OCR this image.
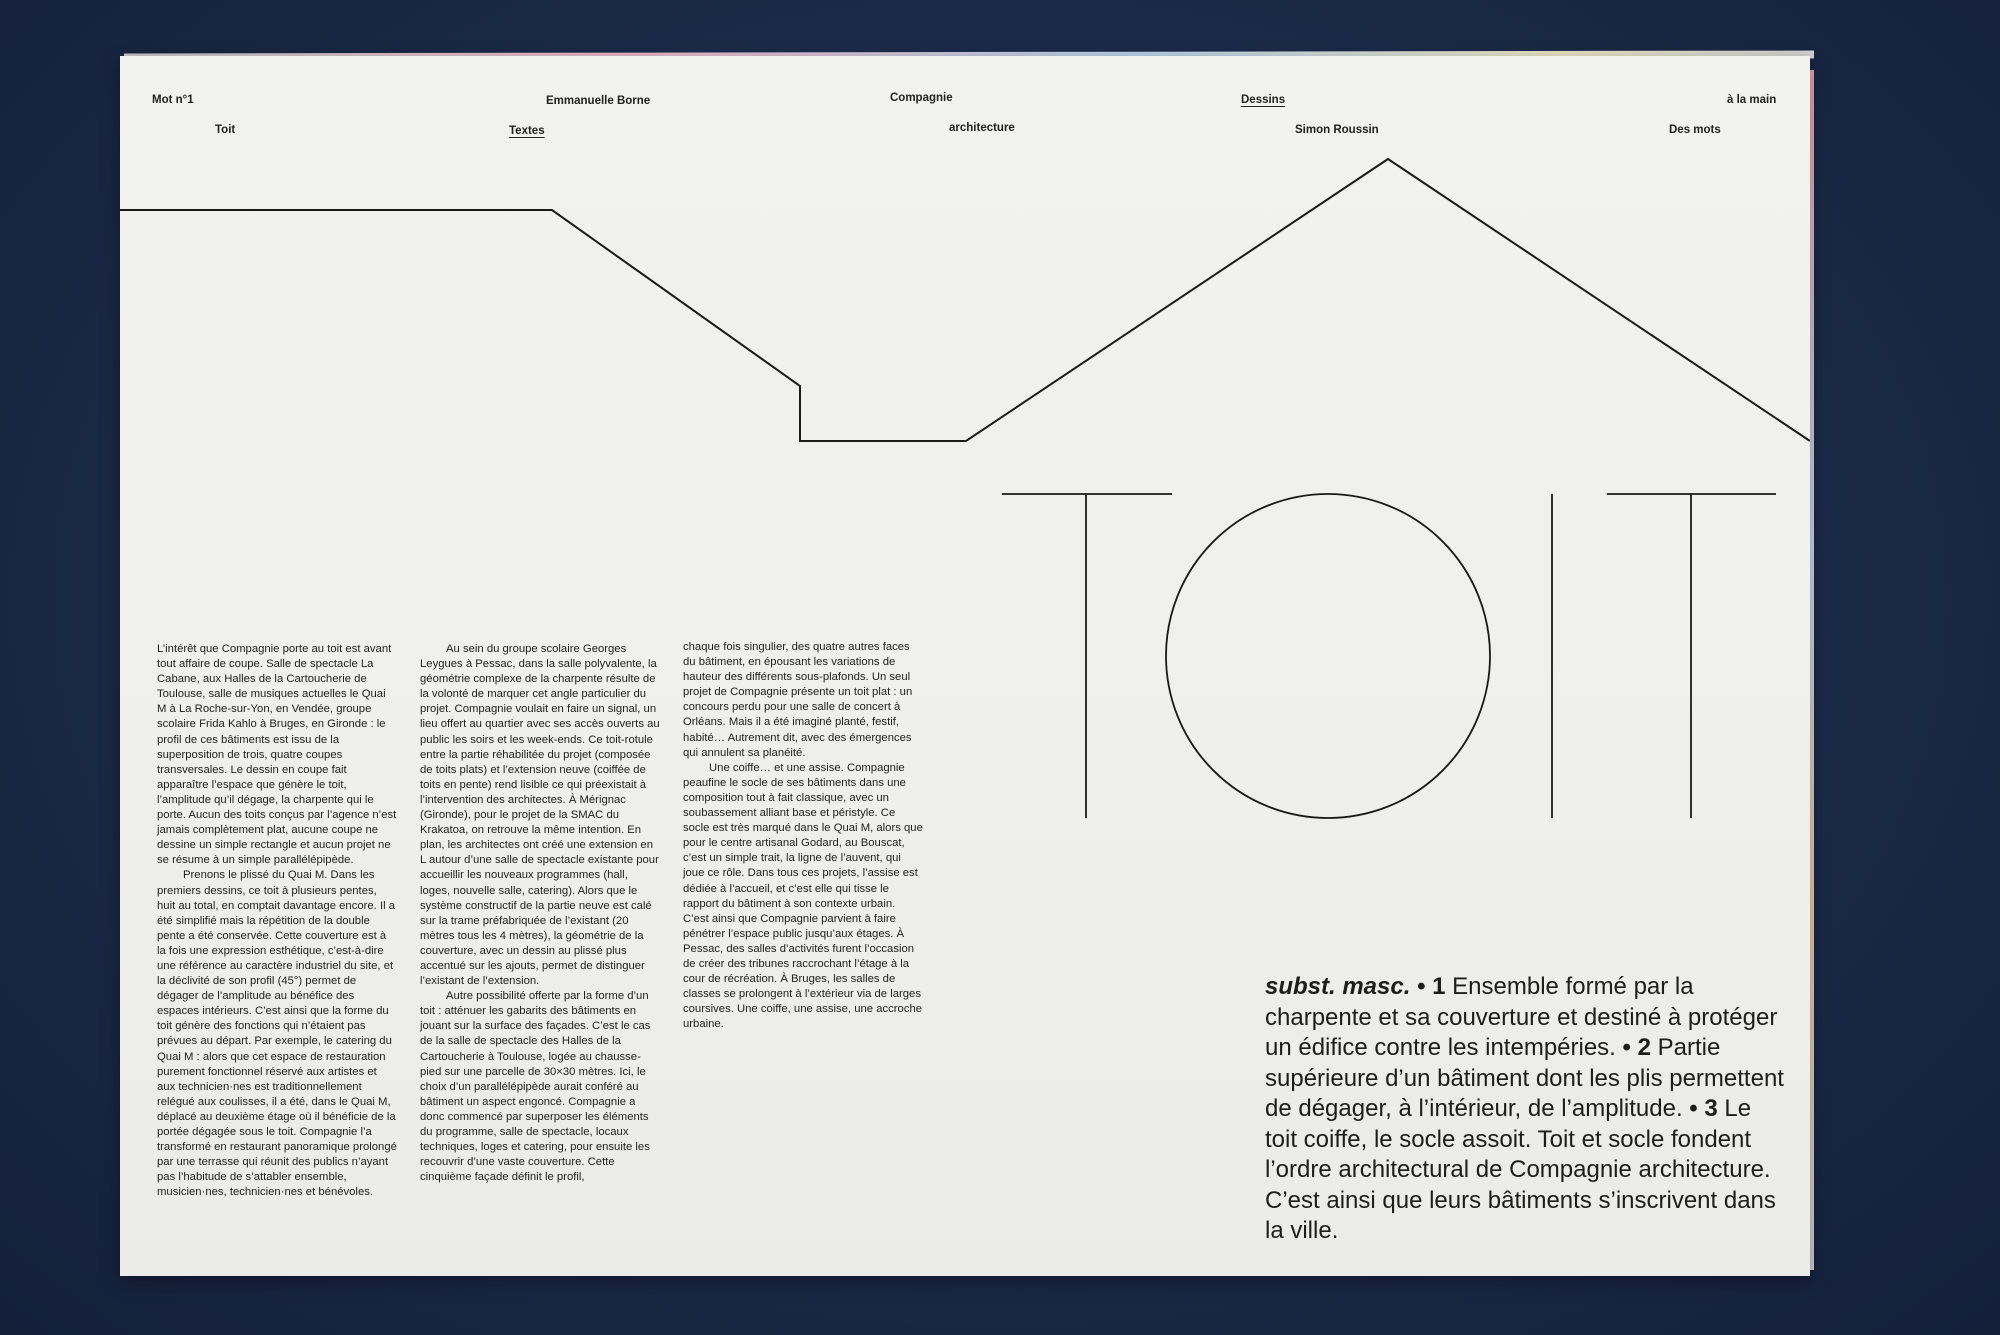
Mot n°1	Emmanuelle Borne	Compagnie	Dessins	à la main
Toit	Textes	architecture	Simon Roussin	Des mots
TOIT

L’intérêt que Compagnie porte au toit est avant tout affaire de coupe. Salle de spectacle La Cabane, aux Halles de la Cartoucherie de Toulouse, salle de musiques actuelles le Quai M à La Roche-sur-Yon, en Vendée, groupe scolaire Frida Kahlo à Bruges, en Gironde : le profil de ces bâtiments est issu de la superposition de trois, quatre coupes transversales. Le dessin en coupe fait apparaître l’espace que génère le toit, l’amplitude qu’il dégage, la charpente qui le porte. Aucun des toits conçus par l’agence n’est jamais complètement plat, aucune coupe ne dessine un simple rectangle et aucun projet ne se résume à un simple parallélépipède.

Prenons le plissé du Quai M. Dans les premiers dessins, ce toit à plusieurs pentes, huit au total, en comptait davantage encore. Il a été simplifié mais la répétition de la double pente a été conservée. Cette couverture est à la fois une expression esthétique, c’est-à-dire une référence au caractère industriel du site, et la déclivité de son profil (45°) permet de dégager de l’amplitude au bénéfice des espaces intérieurs. C’est ainsi que la forme du toit génère des fonctions qui n’étaient pas prévues au départ. Par exemple, le catering du Quai M : alors que cet espace de restauration purement fonctionnel réservé aux artistes et aux technicien·nes est traditionnellement relégué aux coulisses, il a été, dans le Quai M, déplacé au deuxième étage où il bénéficie de la portée dégagée sous le toit. Compagnie l’a transformé en restaurant panoramique prolongé par une terrasse qui réunit des publics n’ayant pas l’habitude de s’attabler ensemble, musicien·nes, technicien·nes et bénévoles.

Au sein du groupe scolaire Georges Leygues à Pessac, dans la salle polyvalente, la géométrie complexe de la charpente résulte de la volonté de marquer cet angle particulier du projet. Compagnie voulait en faire un signal, un lieu offert au quartier avec ses accès ouverts au public les soirs et les week-ends. Ce toit-rotule entre la partie réhabilitée du projet (composée de toits plats) et l’extension neuve (coiffée de toits en pente) rend lisible ce qui préexistait à l’intervention des architectes. À Mérignac (Gironde), pour le projet de la SMAC du Krakatoa, on retrouve la même intention. En plan, les architectes ont créé une extension en L autour d’une salle de spectacle existante pour accueillir les nouveaux programmes (hall, loges, nouvelle salle, catering). Alors que le système constructif de la partie neuve est calé sur la trame préfabriquée de l’existant (20 mètres tous les 4 mètres), la géométrie de la couverture, avec un dessin au plissé plus accentué sur les ajouts, permet de distinguer l’existant de l’extension.

Autre possibilité offerte par la forme d’un toit : atténuer les gabarits des bâtiments en jouant sur la surface des façades. C’est le cas de la salle de spectacle des Halles de la Cartoucherie à Toulouse, logée au chausse-pied sur une parcelle de 30×30 mètres. Ici, le choix d’un parallélépipède aurait conféré au bâtiment un aspect engoncé. Compagnie a donc commencé par superposer les éléments du programme, salle de spectacle, locaux techniques, loges et catering, pour ensuite les recouvrir d’une vaste couverture. Cette cinquième façade définit le profil,

chaque fois singulier, des quatre autres faces du bâtiment, en épousant les variations de hauteur des différents sous-plafonds. Un seul projet de Compagnie présente un toit plat : un concours perdu pour une salle de concert à Orléans. Mais il a été imaginé planté, festif, habité… Autrement dit, avec des émergences qui annulent sa planéité.

Une coiffe… et une assise. Compagnie peaufine le socle de ses bâtiments dans une composition tout à fait classique, avec un soubassement alliant base et péristyle. Ce socle est très marqué dans le Quai M, alors que pour le centre artisanal Godard, au Bouscat, c’est un simple trait, la ligne de l’auvent, qui joue ce rôle. Dans tous ces projets, l’assise est dédiée à l’accueil, et c’est elle qui tisse le rapport du bâtiment à son contexte urbain. C’est ainsi que Compagnie parvient à faire pénétrer l’espace public jusqu’aux étages. À Pessac, des salles d’activités furent l’occasion de créer des tribunes raccrochant l’étage à la cour de récréation. À Bruges, les salles de classes se prolongent à l’extérieur via de larges coursives. Une coiffe, une assise, une accroche urbaine.

subst. masc. • 1 Ensemble formé par la charpente et sa couverture et destiné à protéger un édifice contre les intempéries. • 2 Partie supérieure d’un bâtiment dont les plis permettent de dégager, à l’intérieur, de l’amplitude. • 3 Le toit coiffe, le socle assoit. Toit et socle fondent l’ordre architectural de Compagnie architecture. C’est ainsi que leurs bâtiments s’inscrivent dans la ville.
